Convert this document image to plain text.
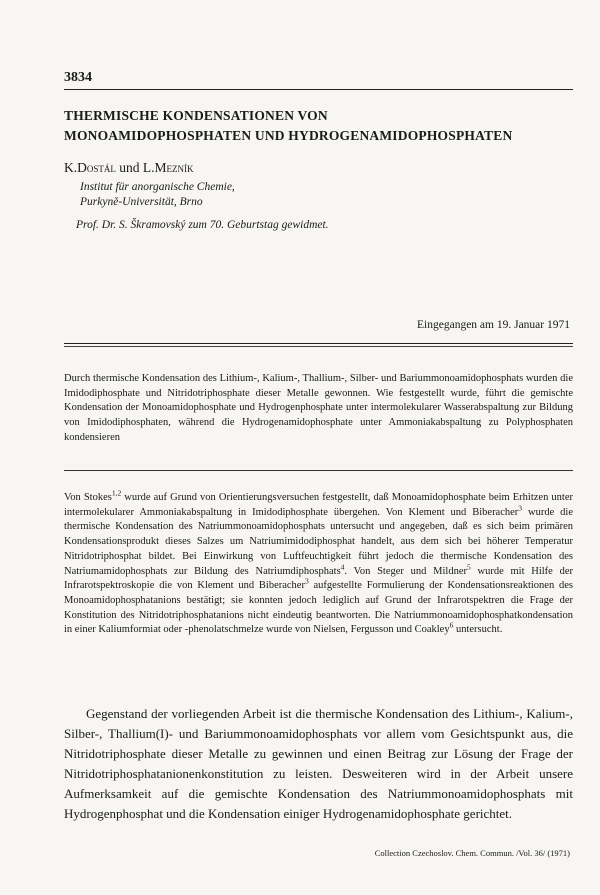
3834
THERMISCHE KONDENSATIONEN VON
MONOAMIDOPHOSPHATEN UND HYDROGENAMIDOPHOSPHATEN
K.Dostál und L.Mezník
Institut für anorganische Chemie,
Purkyně-Universität, Brno
Prof. Dr. S. Škramovský zum 70. Geburtstag gewidmet.
Eingegangen am 19. Januar 1971
Durch thermische Kondensation des Lithium-, Kalium-, Thallium-, Silber- und Bariummonoamidophosphats wurden die Imidodiphosphate und Nitridotriphosphate dieser Metalle gewonnen. Wie festgestellt wurde, führt die gemischte Kondensation der Monoamidophosphate und Hydrogenphosphate unter intermolekularer Wasserabspaltung zur Bildung von Imidodiphosphaten, während die Hydrogenamidophosphate unter Ammoniakabspaltung zu Polyphosphaten kondensieren
Von Stokes$^{1,2}$ wurde auf Grund von Orientierungsversuchen festgestellt, daß Monoamidophosphate beim Erhitzen unter intermolekularer Ammoniakabspaltung in Imidodiphosphate übergehen. Von Klement und Biberacher$^3$ wurde die thermische Kondensation des Natriummonoamidophosphats untersucht und angegeben, daß es sich beim primären Kondensationsprodukt dieses Salzes um Natriumimidodiphosphat handelt, aus dem sich bei höherer Temperatur Nitridotriphosphat bildet. Bei Einwirkung von Luftfeuchtigkeit führt jedoch die thermische Kondensation des Natriumamidophosphats zur Bildung des Natriumdiphosphats$^4$. Von Steger und Mildner$^5$ wurde mit Hilfe der Infrarotspektroskopie die von Klement und Biberacher$^3$ aufgestellte Formulierung der Kondensationsreaktionen des Monoamidophosphatanions bestätigt; sie konnten jedoch lediglich auf Grund der Infrarotspektren die Frage der Konstitution des Nitridotriphosphatanions nicht eindeutig beantworten. Die Natriummonoamidophosphatkondensation in einer Kaliumformiat oder -phenolatschmelze wurde von Nielsen, Fergusson und Coakley$^6$ untersucht.
Gegenstand der vorliegenden Arbeit ist die thermische Kondensation des Lithium-, Kalium-, Silber-, Thallium(I)- und Bariummonoamidophosphats vor allem vom Gesichtspunkt aus, die Nitridotriphosphate dieser Metalle zu gewinnen und einen Beitrag zur Lösung der Frage der Nitridotriphosphatanionenkonstitution zu leisten. Desweiteren wird in der Arbeit unsere Aufmerksamkeit auf die gemischte Kondensation des Natriummonoamidophosphats mit Hydrogenphosphat und die Kondensation einiger Hydrogenamidophosphate gerichtet.
Collection Czechoslov. Chem. Commun. /Vol. 36/ (1971)
